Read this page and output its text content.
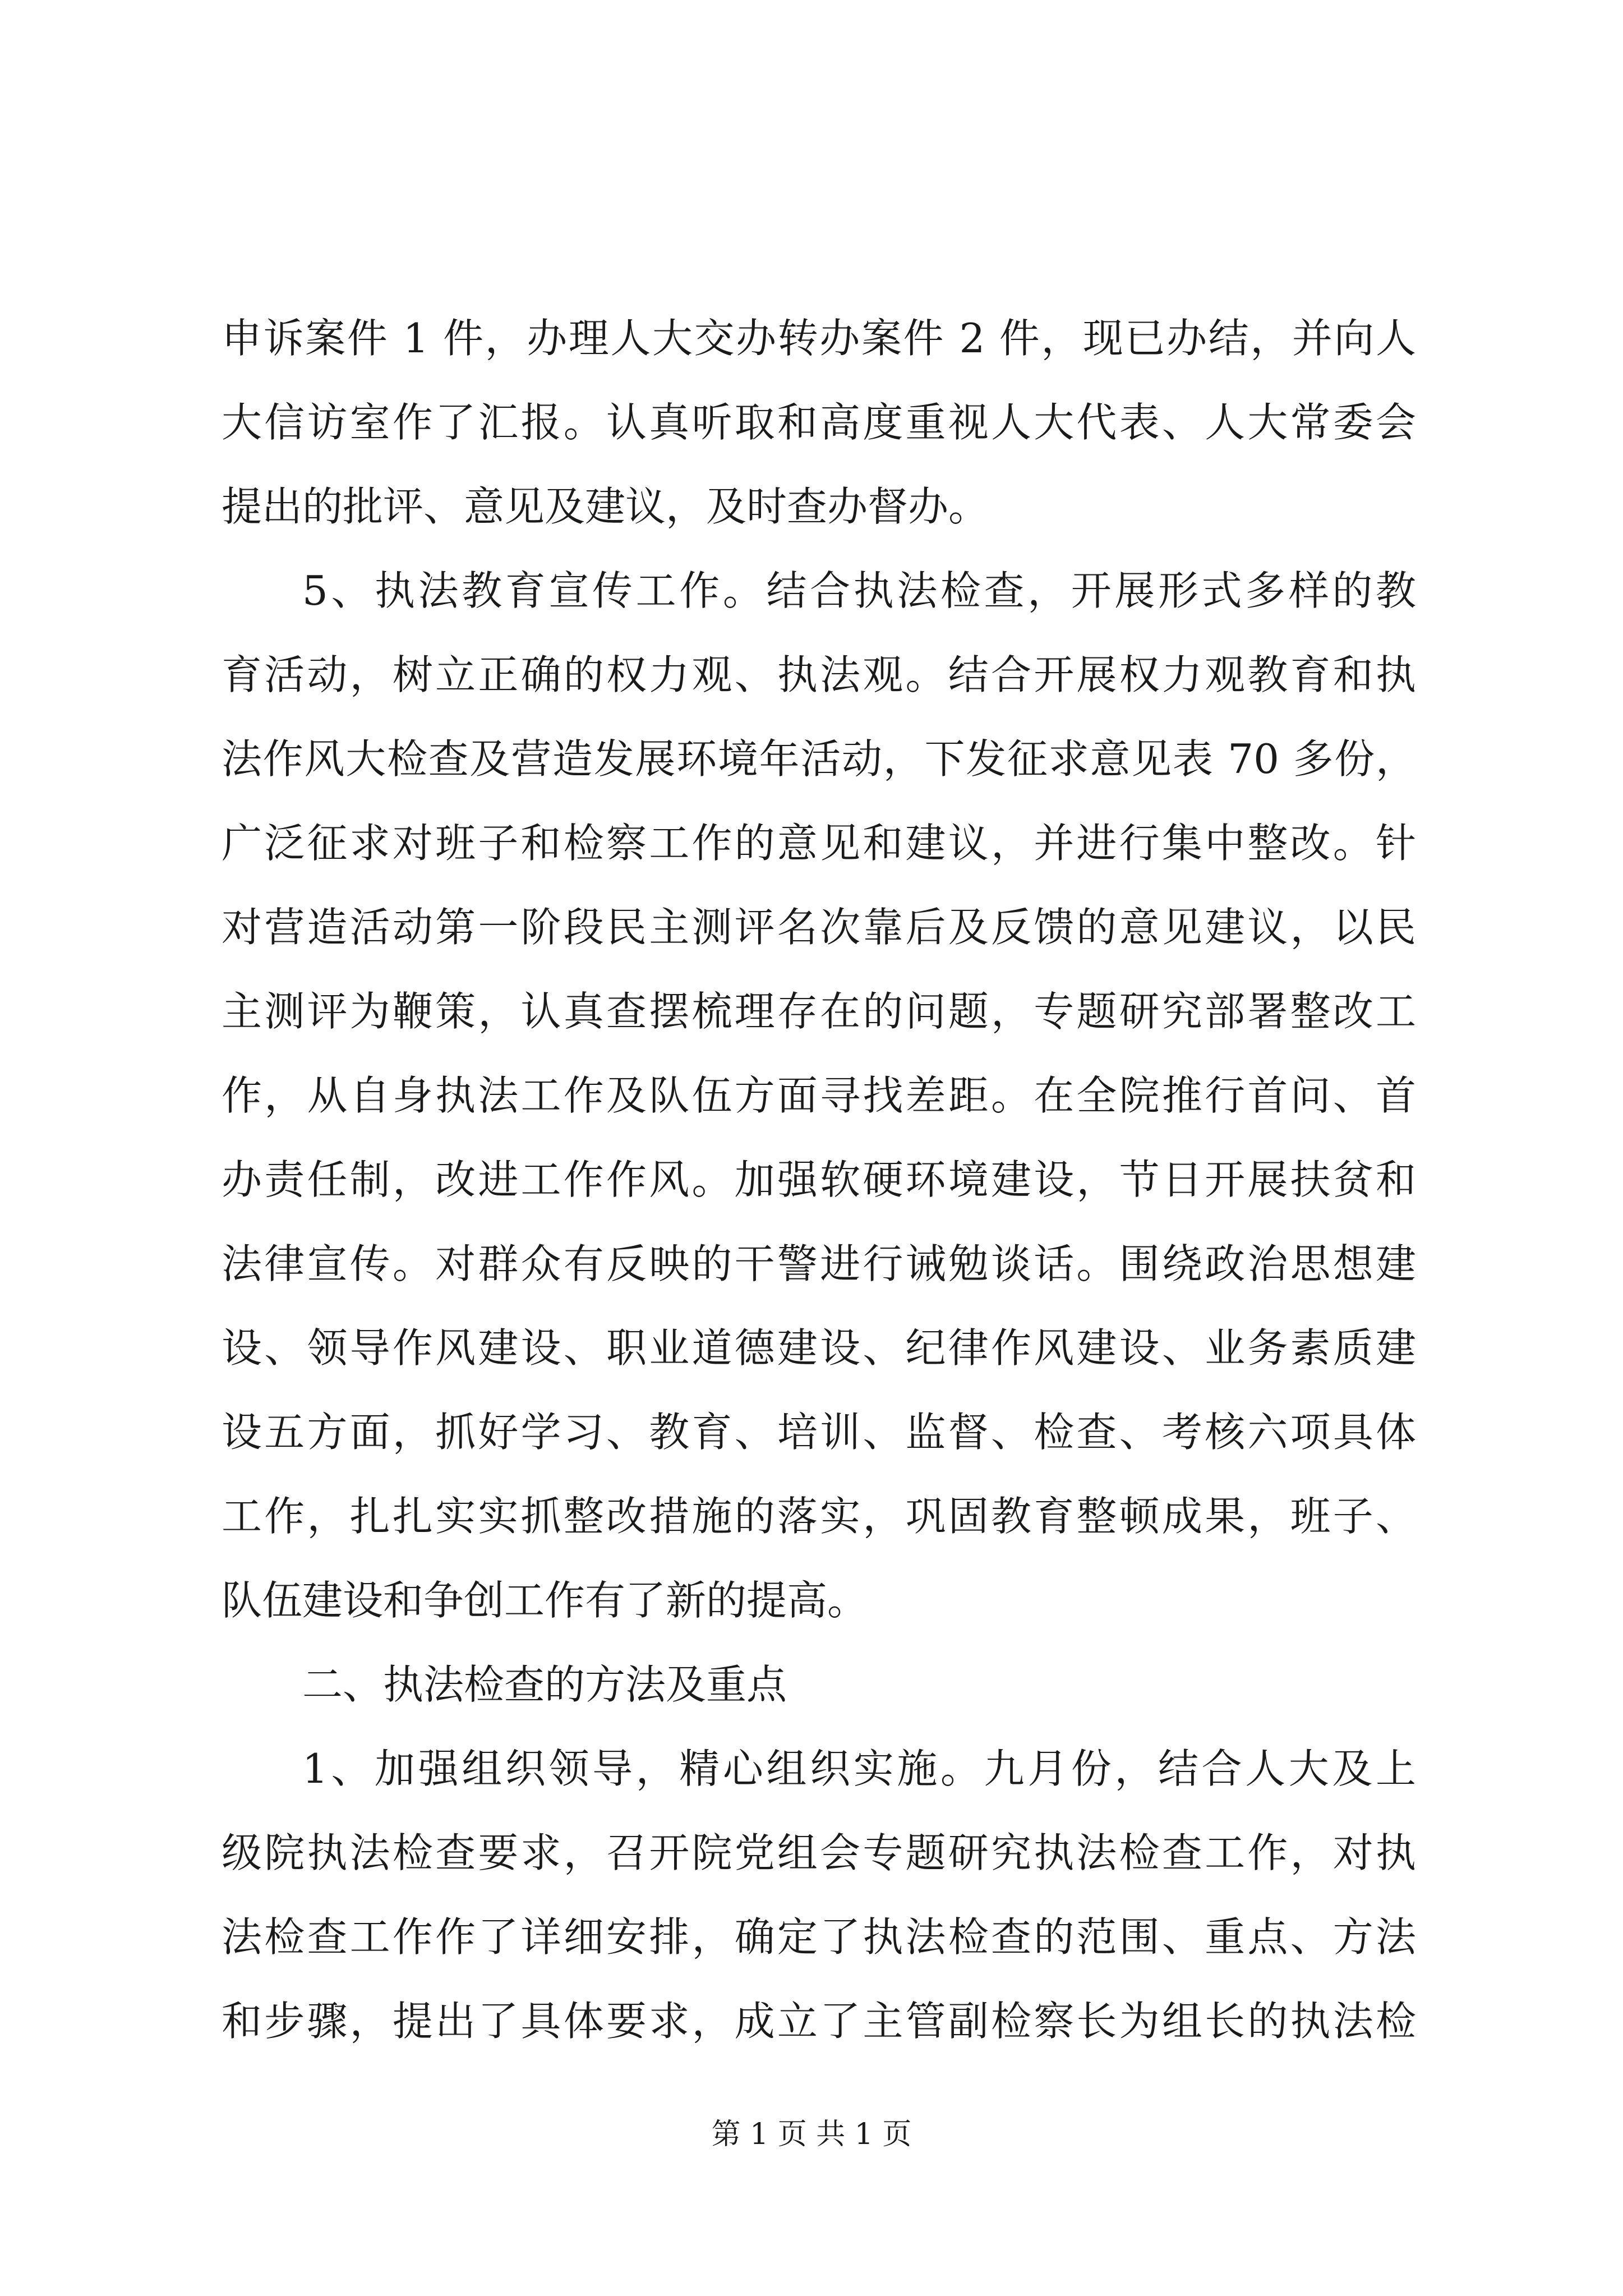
申诉案件 1 件，办理人大交办转办案件 2 件，现已办结，并向人
大信访室作了汇报。认真听取和高度重视人大代表、人大常委会
提出的批评、意见及建议，及时查办督办。
5、执法教育宣传工作。结合执法检查，开展形式多样的教
育活动，树立正确的权力观、执法观。结合开展权力观教育和执
法作风大检查及营造发展环境年活动，下发征求意见表 70 多份，
广泛征求对班子和检察工作的意见和建议，并进行集中整改。针
对营造活动第一阶段民主测评名次靠后及反馈的意见建议，以民
主测评为鞭策，认真查摆梳理存在的问题，专题研究部署整改工
作，从自身执法工作及队伍方面寻找差距。在全院推行首问、首
办责任制，改进工作作风。加强软硬环境建设，节日开展扶贫和
法律宣传。对群众有反映的干警进行诫勉谈话。围绕政治思想建
设、领导作风建设、职业道德建设、纪律作风建设、业务素质建
设五方面，抓好学习、教育、培训、监督、检查、考核六项具体
工作，扎扎实实抓整改措施的落实，巩固教育整顿成果，班子、
队伍建设和争创工作有了新的提高。
二、执法检查的方法及重点
1、加强组织领导，精心组织实施。九月份，结合人大及上
级院执法检查要求，召开院党组会专题研究执法检查工作，对执
法检查工作作了详细安排，确定了执法检查的范围、重点、方法
和步骤，提出了具体要求，成立了主管副检察长为组长的执法检
第 1 页 共 1 页
